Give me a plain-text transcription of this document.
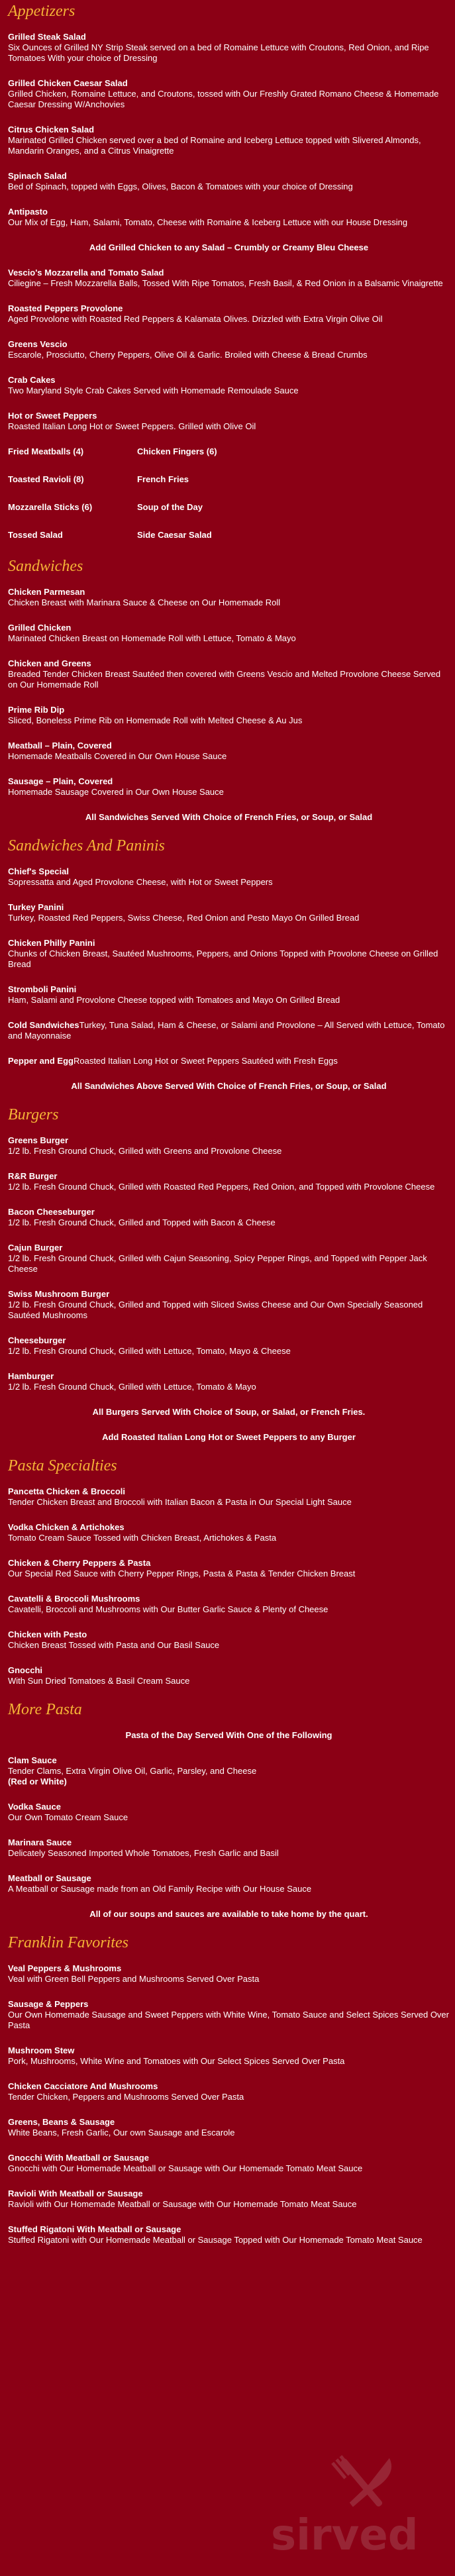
Appetizers
Grilled Steak Salad
Six Ounces of Grilled NY Strip Steak served on a bed of Romaine Lettuce with Croutons, Red Onion, and Ripe Tomatoes With your choice of Dressing
Grilled Chicken Caesar Salad
Grilled Chicken, Romaine Lettuce, and Croutons, tossed with Our Freshly Grated Romano Cheese & Homemade Caesar Dressing W/Anchovies
Citrus Chicken Salad
Marinated Grilled Chicken served over a bed of Romaine and Iceberg Lettuce topped with Slivered Almonds, Mandarin Oranges, and a Citrus Vinaigrette
Spinach Salad
Bed of Spinach, topped with Eggs, Olives, Bacon & Tomatoes with your choice of Dressing
Antipasto
Our Mix of Egg, Ham, Salami, Tomato, Cheese with Romaine & Iceberg Lettuce with our House Dressing
Add Grilled Chicken to any Salad – Crumbly or Creamy Bleu Cheese
Vescio's Mozzarella and Tomato Salad
Ciliegine – Fresh Mozzarella Balls, Tossed With Ripe Tomatos, Fresh Basil, & Red Onion in a Balsamic Vinaigrette
Roasted Peppers Provolone
Aged Provolone with Roasted Red Peppers & Kalamata Olives. Drizzled with Extra Virgin Olive Oil
Greens Vescio
Escarole, Prosciutto, Cherry Peppers, Olive Oil & Garlic. Broiled with Cheese & Bread Crumbs
Crab Cakes
Two Maryland Style Crab Cakes Served with Homemade Remoulade Sauce
Hot or Sweet Peppers
Roasted Italian Long Hot or Sweet Peppers. Grilled with Olive Oil
Fried Meatballs (4)	Chicken Fingers (6)
Toasted Ravioli (8)	French Fries
Mozzarella Sticks (6)	Soup of the Day
Tossed Salad	Side Caesar Salad
Sandwiches
Chicken Parmesan
Chicken Breast with Marinara Sauce & Cheese on Our Homemade Roll
Grilled Chicken
Marinated Chicken Breast on Homemade Roll with Lettuce, Tomato & Mayo
Chicken and Greens
Breaded Tender Chicken Breast Sautéed then covered with Greens Vescio and Melted Provolone Cheese Served on Our Homemade Roll
Prime Rib Dip
Sliced, Boneless Prime Rib on Homemade Roll with Melted Cheese & Au Jus
Meatball – Plain, Covered
Homemade Meatballs Covered in Our Own House Sauce
Sausage – Plain, Covered
Homemade Sausage Covered in Our Own House Sauce
All Sandwiches Served With Choice of French Fries, or Soup, or Salad
Sandwiches And Paninis
Chief's Special
Sopressatta and Aged Provolone Cheese, with Hot or Sweet Peppers
Turkey Panini
Turkey, Roasted Red Peppers, Swiss Cheese, Red Onion and Pesto Mayo On Grilled Bread
Chicken Philly Panini
Chunks of Chicken Breast, Sautéed Mushrooms, Peppers, and Onions Topped with Provolone Cheese on Grilled Bread
Stromboli Panini
Ham, Salami and Provolone Cheese topped with Tomatoes and Mayo On Grilled Bread
Cold SandwichesTurkey, Tuna Salad, Ham & Cheese, or Salami and Provolone – All Served with Lettuce, Tomato and Mayonnaise
Pepper and EggRoasted Italian Long Hot or Sweet Peppers Sautéed with Fresh Eggs
All Sandwiches Above Served With Choice of French Fries, or Soup, or Salad
Burgers
Greens Burger
1/2 lb. Fresh Ground Chuck, Grilled with Greens and Provolone Cheese
R&R Burger
1/2 lb. Fresh Ground Chuck, Grilled with Roasted Red Peppers, Red Onion, and Topped with Provolone Cheese
Bacon Cheeseburger
1/2 lb. Fresh Ground Chuck, Grilled and Topped with Bacon & Cheese
Cajun Burger
1/2 lb. Fresh Ground Chuck, Grilled with Cajun Seasoning, Spicy Pepper Rings, and Topped with Pepper Jack Cheese
Swiss Mushroom Burger
1/2 lb. Fresh Ground Chuck, Grilled and Topped with Sliced Swiss Cheese and Our Own Specially Seasoned Sautéed Mushrooms
Cheeseburger
1/2 lb. Fresh Ground Chuck, Grilled with Lettuce, Tomato, Mayo & Cheese
Hamburger
1/2 lb. Fresh Ground Chuck, Grilled with Lettuce, Tomato & Mayo
All Burgers Served With Choice of Soup, or Salad, or French Fries.
Add Roasted Italian Long Hot or Sweet Peppers to any Burger
Pasta Specialties
Pancetta Chicken & Broccoli
Tender Chicken Breast and Broccoli with Italian Bacon & Pasta in Our Special Light Sauce
Vodka Chicken & Artichokes
Tomato Cream Sauce Tossed with Chicken Breast, Artichokes & Pasta
Chicken & Cherry Peppers & Pasta
Our Special Red Sauce with Cherry Pepper Rings, Pasta & Pasta & Tender Chicken Breast
Cavatelli & Broccoli Mushrooms
Cavatelli, Broccoli and Mushrooms with Our Butter Garlic Sauce & Plenty of Cheese
Chicken with Pesto
Chicken Breast Tossed with Pasta and Our Basil Sauce
Gnocchi
With Sun Dried Tomatoes & Basil Cream Sauce
More Pasta
Pasta of the Day Served With One of the Following
Clam Sauce
Tender Clams, Extra Virgin Olive Oil, Garlic, Parsley, and Cheese
(Red or White)
Vodka Sauce
Our Own Tomato Cream Sauce
Marinara Sauce
Delicately Seasoned Imported Whole Tomatoes, Fresh Garlic and Basil
Meatball or Sausage
A Meatball or Sausage made from an Old Family Recipe with Our House Sauce
All of our soups and sauces are available to take home by the quart.
Franklin Favorites
Veal Peppers & Mushrooms
Veal with Green Bell Peppers and Mushrooms Served Over Pasta
Sausage & Peppers
Our Own Homemade Sausage and Sweet Peppers with White Wine, Tomato Sauce and Select Spices Served Over Pasta
Mushroom Stew
Pork, Mushrooms, White Wine and Tomatoes with Our Select Spices Served Over Pasta
Chicken Cacciatore And Mushrooms
Tender Chicken, Peppers and Mushrooms Served Over Pasta
Greens, Beans & Sausage
White Beans, Fresh Garlic, Our own Sausage and Escarole
Gnocchi With Meatball or Sausage
Gnocchi with Our Homemade Meatball or Sausage with Our Homemade Tomato Meat Sauce
Ravioli With Meatball or Sausage
Ravioli with Our Homemade Meatball or Sausage with Our Homemade Tomato Meat Sauce
Stuffed Rigatoni With Meatball or Sausage
Stuffed Rigatoni with Our Homemade Meatball or Sausage Topped with Our Homemade Tomato Meat Sauce
sirved
